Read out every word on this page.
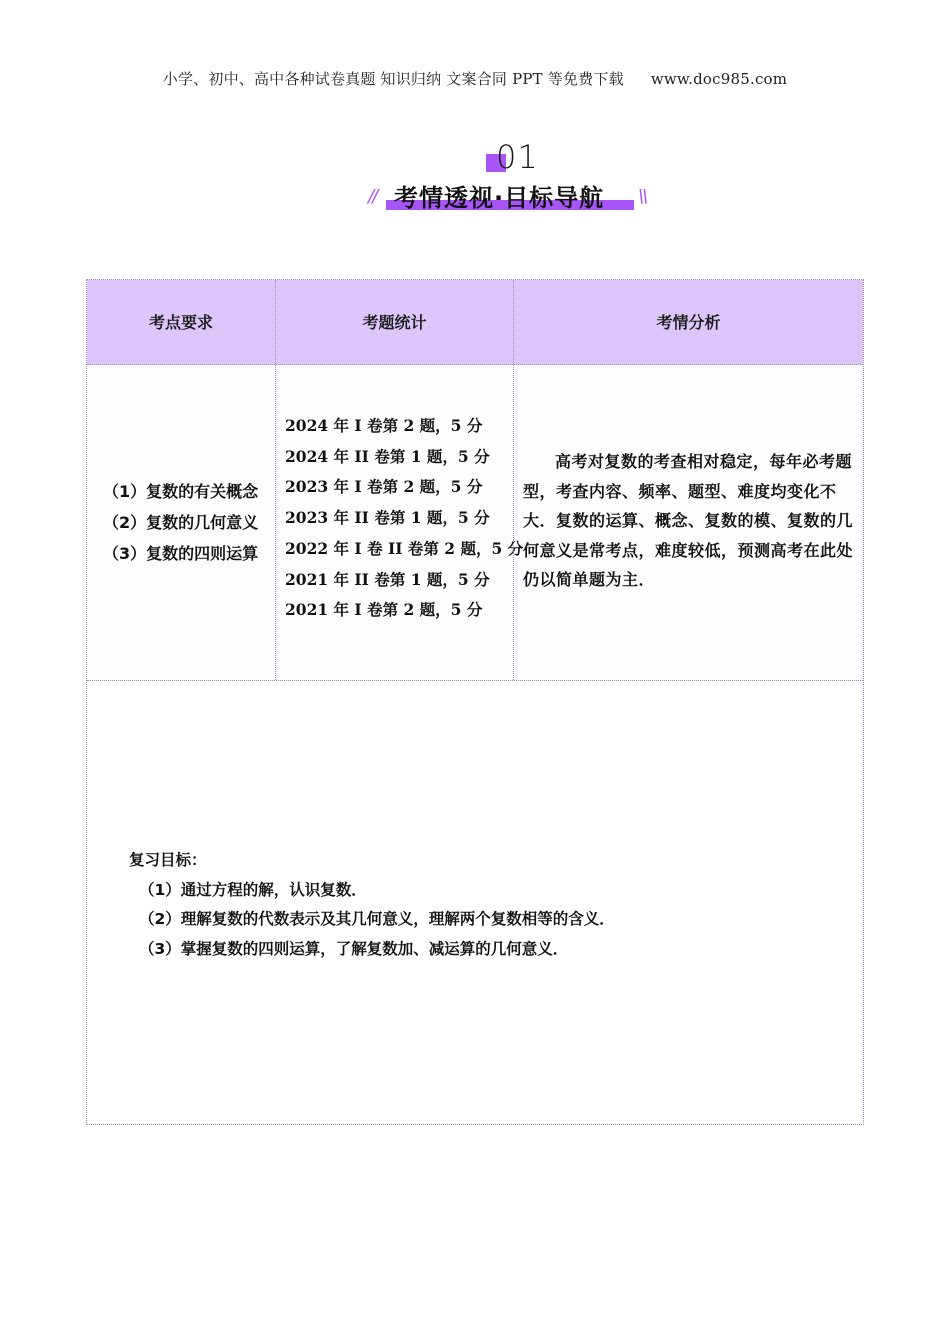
小学、初中、高中各种试卷真题 知识归纳 文案合同 PPT 等免费下载 www.doc985.com
01
// 考情透视·目标导航 \\
考点要求	考题统计	考情分析
（1）复数的有关概念
（2）复数的几何意义
（3）复数的四则运算
2024 年 I 卷第 2 题，5 分
2024 年 II 卷第 1 题，5 分
2023 年 I 卷第 2 题，5 分
2023 年 II 卷第 1 题，5 分
2022 年 I 卷 II 卷第 2 题，5 分
2021 年 II 卷第 1 题，5 分
2021 年 I 卷第 2 题，5 分
高考对复数的考查相对稳定，每年必考题型，考查内容、频率、题型、难度均变化不大．复数的运算、概念、复数的模、复数的几何意义是常考点，难度较低，预测高考在此处仍以简单题为主．
复习目标：
（1）通过方程的解，认识复数．
（2）理解复数的代数表示及其几何意义，理解两个复数相等的含义．
（3）掌握复数的四则运算，了解复数加、减运算的几何意义．
